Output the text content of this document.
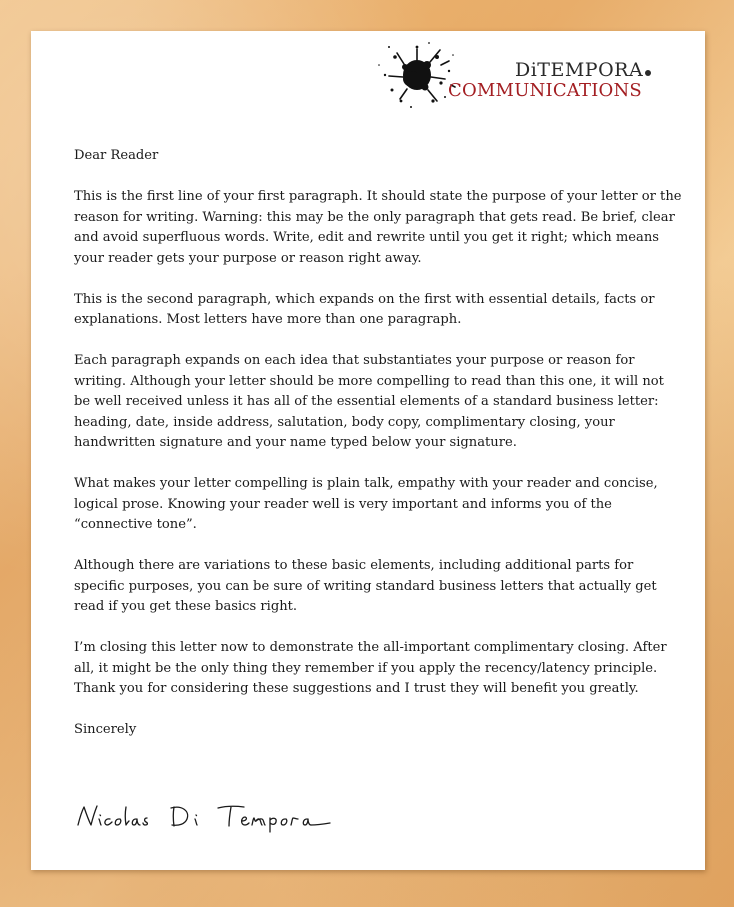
DiTEMPORA
COMMUNICATIONS
Dear Reader

This is the first line of your first paragraph. It should state the purpose of your letter or the reason for writing. Warning: this may be the only paragraph that gets read. Be brief, clear and avoid superfluous words. Write, edit and rewrite until you get it right; which means your reader gets your purpose or reason right away.

This is the second paragraph, which expands on the first with essential details, facts or explanations. Most letters have more than one paragraph.

Each paragraph expands on each idea that substantiates your purpose or reason for writing. Although your letter should be more compelling to read than this one, it will not be well received unless it has all of the essential elements of a standard business letter: heading, date, inside address, salutation, body copy, complimentary closing, your handwritten signature and your name typed below your signature.

What makes your letter compelling is plain talk, empathy with your reader and concise, logical prose. Knowing your reader well is very important and informs you of the “connective tone”.

Although there are variations to these basic elements, including additional parts for specific purposes, you can be sure of writing standard business letters that actually get read if you get these basics right.

I’m closing this letter now to demonstrate the all-important complimentary closing. After all, it might be the only thing they remember if you apply the recency/latency principle. Thank you for considering these suggestions and I trust they will benefit you greatly.

Sincerely
